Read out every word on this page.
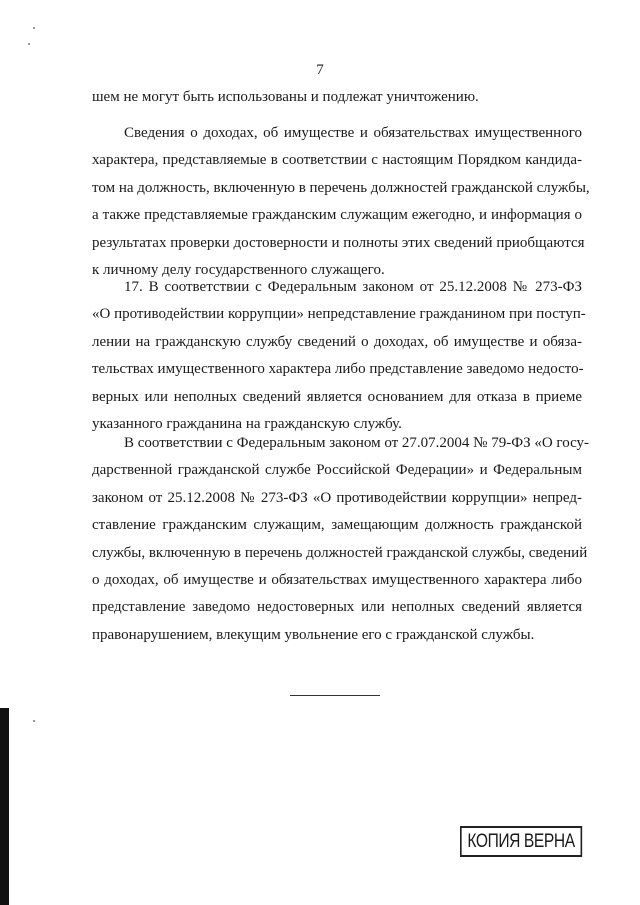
7

шем не могут быть использованы и подлежат уничтожению.

Сведения о доходах, об имуществе и обязательствах имущественного
характера, представляемые в соответствии с настоящим Порядком кандида-
том на должность, включенную в перечень должностей гражданской службы,
а также представляемые гражданским служащим ежегодно, и информация о
результатах проверки достоверности и полноты этих сведений приобщаются
к личному делу государственного служащего.

17. В соответствии с Федеральным законом от 25.12.2008 № 273-ФЗ
«О противодействии коррупции» непредставление гражданином при поступ-
лении на гражданскую службу сведений о доходах, об имуществе и обяза-
тельствах имущественного характера либо представление заведомо недосто-
верных или неполных сведений является основанием для отказа в приеме
указанного гражданина на гражданскую службу.

В соответствии с Федеральным законом от 27.07.2004 № 79-ФЗ «О госу-
дарственной гражданской службе Российской Федерации» и Федеральным
законом от 25.12.2008 № 273-ФЗ «О противодействии коррупции» непред-
ставление гражданским служащим, замещающим должность гражданской
службы, включенную в перечень должностей гражданской службы, сведений
о доходах, об имуществе и обязательствах имущественного характера либо
представление заведомо недостоверных или неполных сведений является
правонарушением, влекущим увольнение его с гражданской службы.

КОПИЯ ВЕРНА
